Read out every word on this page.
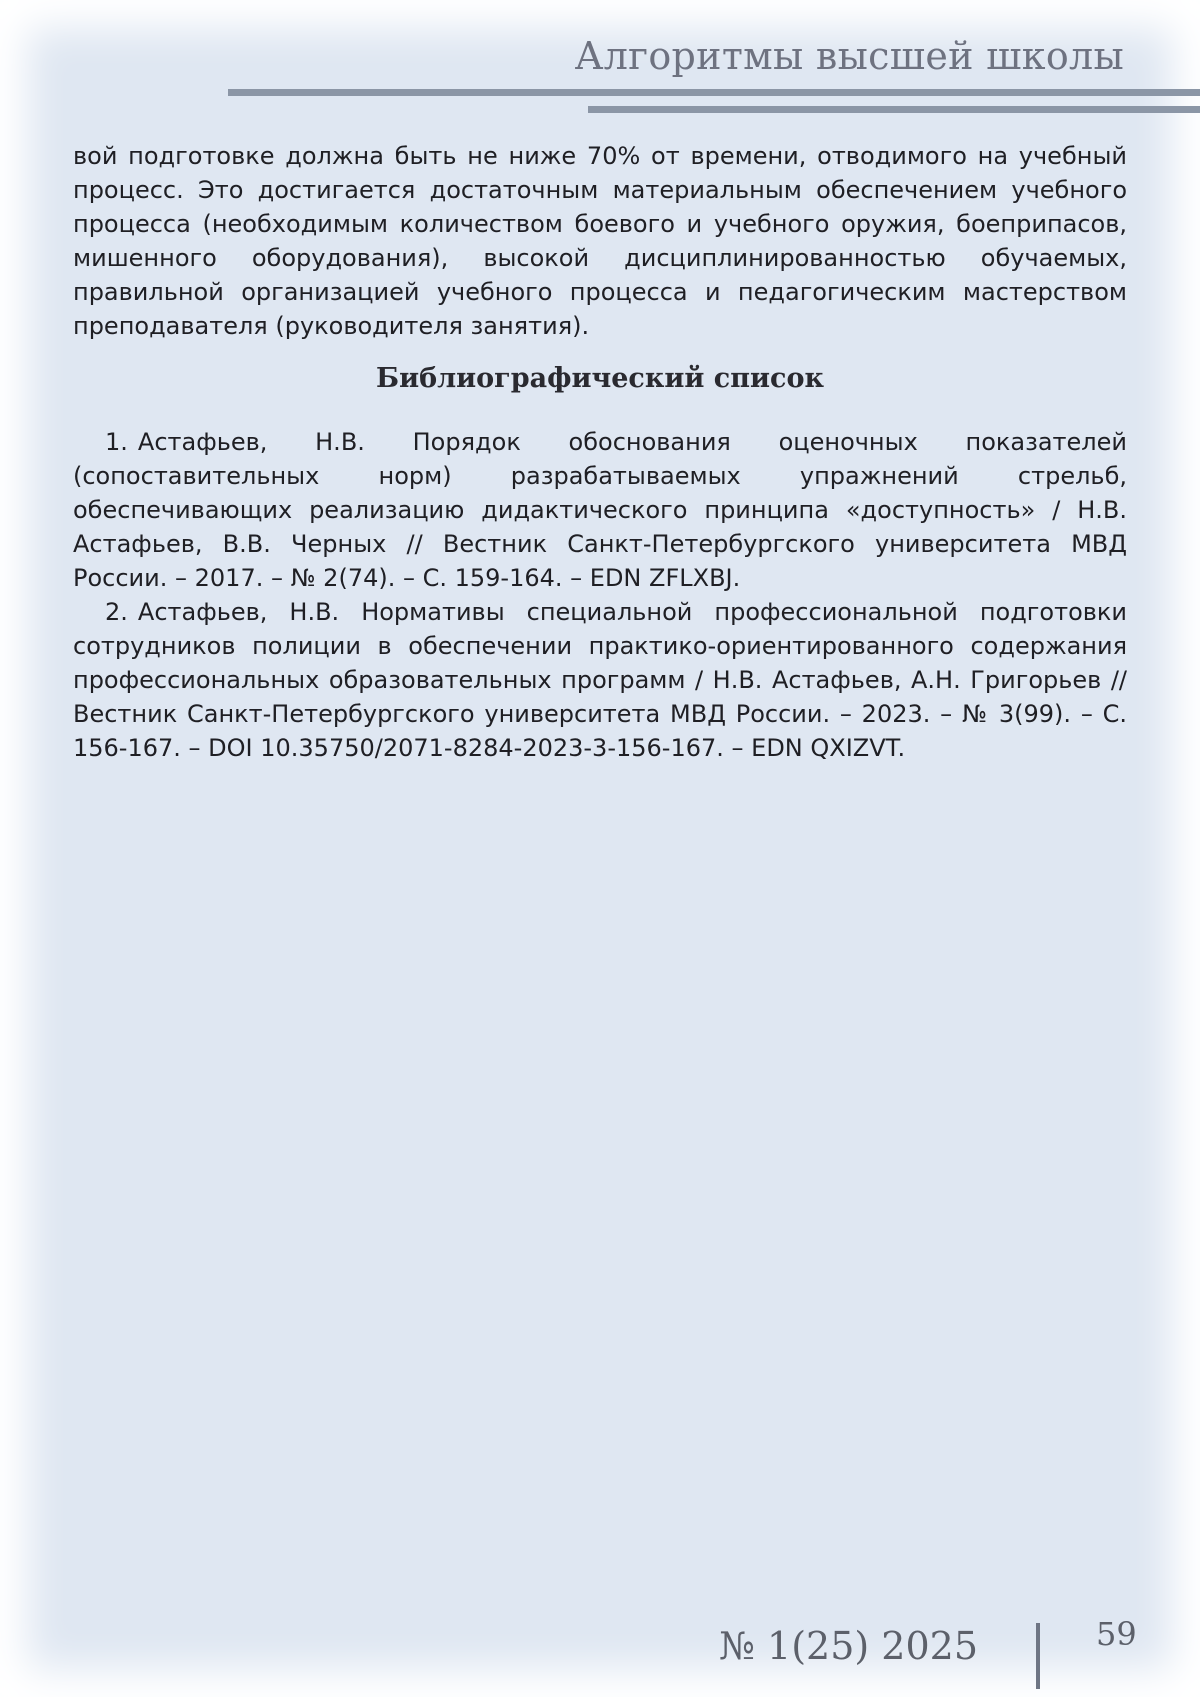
Алгоритмы высшей школы

вой подготовке должна быть не ниже 70% от времени, отводимого на учебный процесс. Это достигается достаточным материальным обеспечением учебного процесса (необходимым количеством боевого и учебного оружия, боеприпасов, мишенного оборудования), высокой дисциплинированностью обучаемых, правильной организацией учебного процесса и педагогическим мастерством преподавателя (руководителя занятия).

Библиографический список
1. Астафьев, Н.В. Порядок обоснования оценочных показателей (сопоставительных норм) разрабатываемых упражнений стрельб, обеспечивающих реализацию дидактического принципа «доступность» / Н.В. Астафьев, В.В. Черных // Вестник Санкт-Петербургского университета МВД России. – 2017. – № 2(74). – С. 159-164. – EDN ZFLXBJ.
2. Астафьев, Н.В. Нормативы специальной профессиональной подготовки сотрудников полиции в обеспечении практико-ориентированного содержания профессиональных образовательных программ / Н.В. Астафьев, А.Н. Григорьев // Вестник Санкт-Петербургского университета МВД России. – 2023. – № 3(99). – С. 156-167. – DOI 10.35750/2071-8284-2023-3-156-167. – EDN QXIZVT.
№ 1(25) 2025	59
